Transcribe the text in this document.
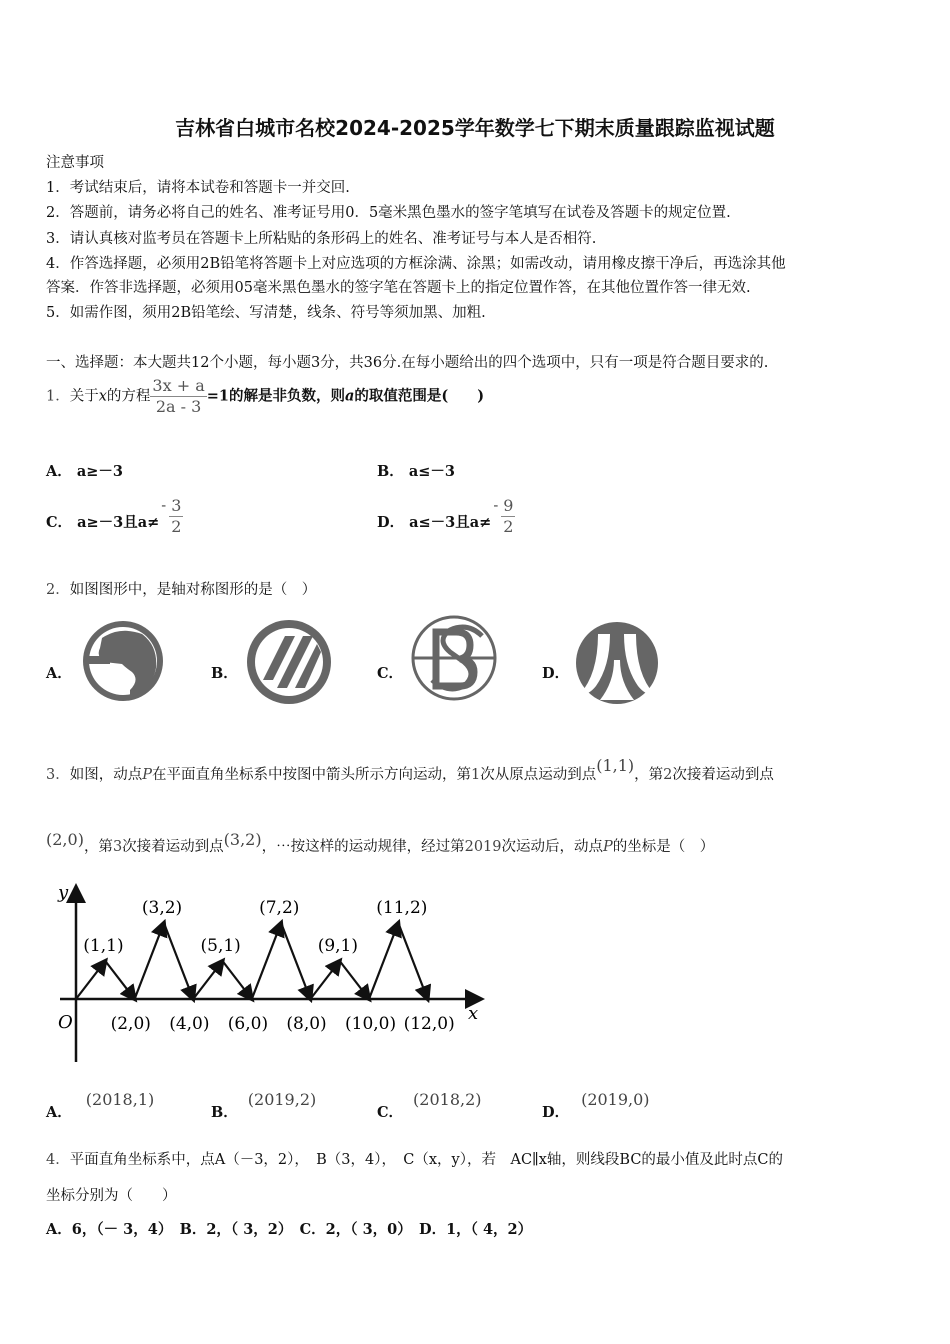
吉林省白城市名校2024-2025学年数学七下期末质量跟踪监视试题
注意事项
1．考试结束后，请将本试卷和答题卡一并交回.
2．答题前，请务必将自己的姓名、准考证号用0．5毫米黑色墨水的签字笔填写在试卷及答题卡的规定位置.
3．请认真核对监考员在答题卡上所粘贴的条形码上的姓名、准考证号与本人是否相符.
4．作答选择题，必须用2B铅笔将答题卡上对应选项的方框涂满、涂黑；如需改动，请用橡皮擦干净后，再选涂其他
答案．作答非选择题，必须用05毫米黑色墨水的签字笔在答题卡上的指定位置作答，在其他位置作答一律无效.
5．如需作图，须用2B铅笔绘、写清楚，线条、符号等须加黑、加粗.
一、选择题：本大题共12个小题，每小题3分，共36分.在每小题给出的四个选项中，只有一项是符合题目要求的.
1．关于x的方程 $\frac{3x + a}{2a - 3} =1$的解是非负数，则a的取值范围是(　　)
A． a≥－3	B． a≤－3
C． a≥－3且$a\ne- \frac{3}{2}$	D． a≤－3且$a\ne- \frac{9}{2}$
2．如图图形中，是轴对称图形的是（　）
A．	B．	C．	D．
3．如图，动点P在平面直角坐标系中按图中箭头所示方向运动，第1次从原点运动到点(1,1)，第2次接着运动到点
(2,0)，第3次接着运动到点(3,2)，⋯按这样的运动规律，经过第2019次运动后，动点P的坐标是（　）
y
x
O
(1,1)
(3,2)
(5,1)
(7,2)
(9,1)
(11,2)
(2,0) (4,0) (6,0) (8,0) (10,0) (12,0)
A．(2018,1)
B．(2019,2)
C．(2018,2)
D．(2019,0)
4．平面直角坐标系中，点A（－3，2），　B（3，4），　C（x，y），若　AC∥x轴，则线段BC的最小值及此时点C的
坐标分别为（　　）
A．6，（－ 3，4）　B．2，（ 3，2）　C．2，（ 3，0）　D．1，（ 4，2）
